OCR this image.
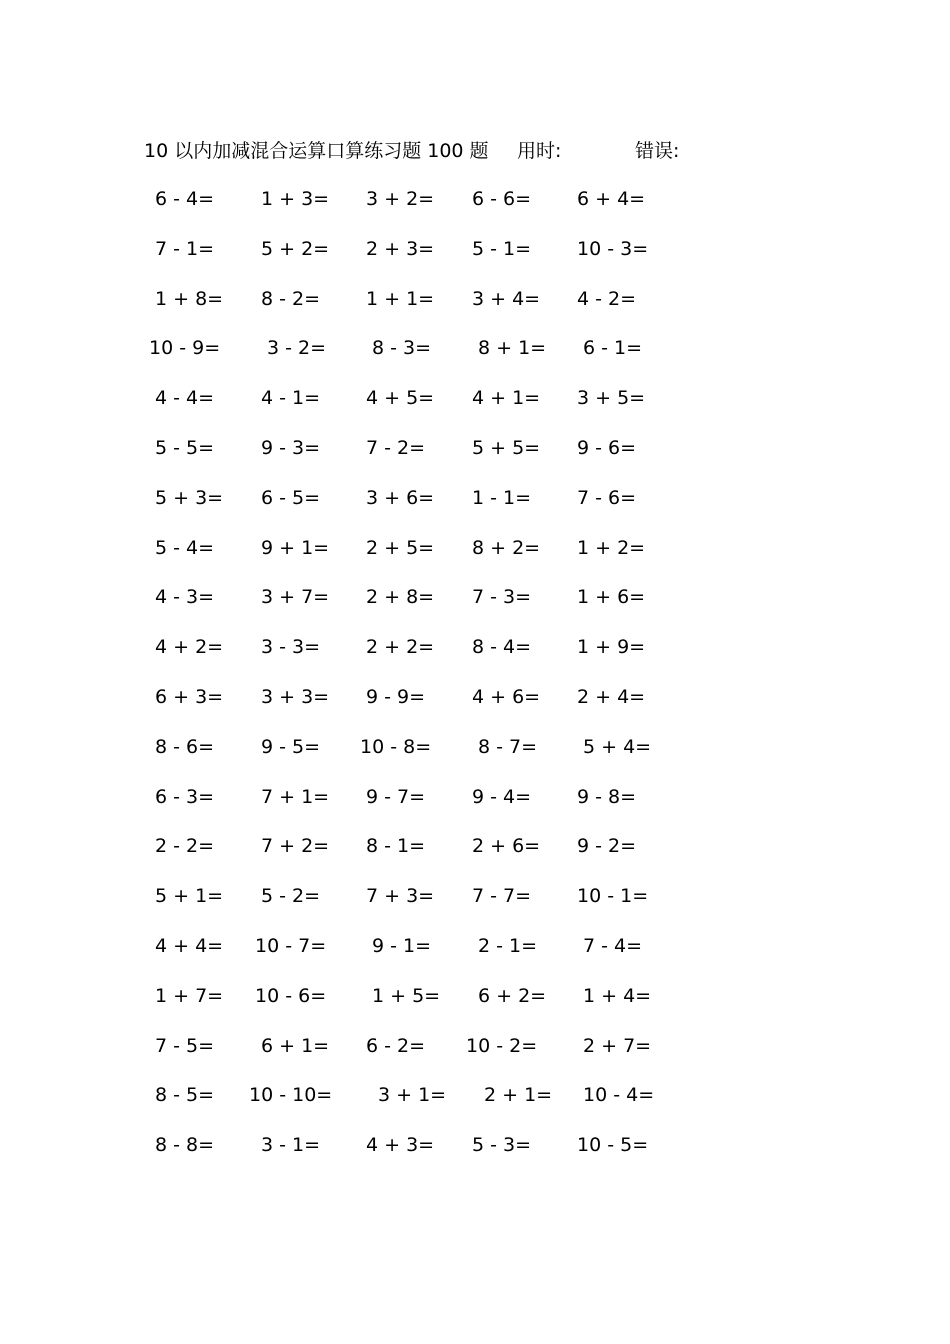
10 以内加减混合运算口算练习题 100 题 用时:	错误:
6 - 4= 1 + 3= 3 + 2= 6 - 6= 6 + 4=
7 - 1= 5 + 2= 2 + 3= 5 - 1= 10 - 3=
1 + 8= 8 - 2= 1 + 1= 3 + 4= 4 - 2=
10 - 9= 3 - 2= 8 - 3= 8 + 1= 6 - 1=
4 - 4= 4 - 1= 4 + 5= 4 + 1= 3 + 5=
5 - 5= 9 - 3= 7 - 2= 5 + 5= 9 - 6=
5 + 3= 6 - 5= 3 + 6= 1 - 1= 7 - 6=
5 - 4= 9 + 1= 2 + 5= 8 + 2= 1 + 2=
4 - 3= 3 + 7= 2 + 8= 7 - 3= 1 + 6=
4 + 2= 3 - 3= 2 + 2= 8 - 4= 1 + 9=
6 + 3= 3 + 3= 9 - 9= 4 + 6= 2 + 4=
8 - 6= 9 - 5= 10 - 8= 8 - 7= 5 + 4=
6 - 3= 7 + 1= 9 - 7= 9 - 4= 9 - 8=
2 - 2= 7 + 2= 8 - 1= 2 + 6= 9 - 2=
5 + 1= 5 - 2= 7 + 3= 7 - 7= 10 - 1=
4 + 4= 10 - 7= 9 - 1= 2 - 1= 7 - 4=
1 + 7= 10 - 6= 1 + 5= 6 + 2= 1 + 4=
7 - 5= 6 + 1= 6 - 2= 10 - 2= 2 + 7=
8 - 5= 10 - 10= 3 + 1= 2 + 1= 10 - 4=
8 - 8= 3 - 1= 4 + 3= 5 - 3= 10 - 5=
